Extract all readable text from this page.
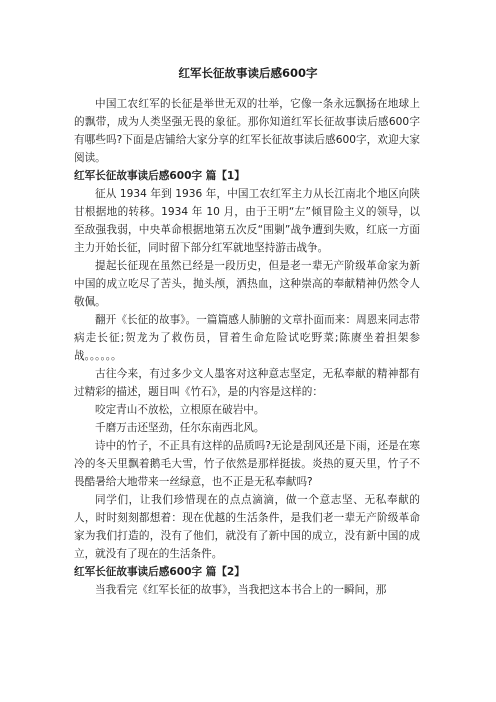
红军长征故事读后感600字

中国工农红军的长征是举世无双的壮举，它像一条永远飘扬在地球上的飘带，成为人类坚强无畏的象征。那你知道红军长征故事读后感600字有哪些吗?下面是店铺给大家分享的红军长征故事读后感600字，欢迎大家阅读。

红军长征故事读后感600字 篇【1】

征从 1934 年到 1936 年，中国工农红军主力从长江南北个地区向陕甘根据地的转移。1934 年 10 月，由于王明“左”倾冒险主义的领导，以至敌强我弱，中央革命根据地第五次反“围剿”战争遭到失败，红底一方面主力开始长征，同时留下部分红军就地坚持游击战争。

提起长征现在虽然已经是一段历史，但是老一辈无产阶级革命家为新中国的成立吃尽了苦头，抛头颅，洒热血，这种崇高的奉献精神仍然令人敬佩。

翻开《长征的故事》。一篇篇感人肺腑的文章扑面而来：周恩来同志带病走长征;贺龙为了救伤员，冒着生命危险试吃野菜;陈赓坐着担架参战。。。。。。

古往今来，有过多少文人墨客对这种意志坚定，无私奉献的精神都有过精彩的描述，题目叫《竹石》，是的内容是这样的：

咬定青山不放松，立根原在破岩中。

千磨万击还坚劲，任尔东南西北风。

诗中的竹子，不正具有这样的品质吗?无论是刮风还是下雨，还是在寒冷的冬天里飘着鹅毛大雪，竹子依然是那样挺拔。炎热的夏天里，竹子不畏酷暑给大地带来一丝绿意，也不正是无私奉献吗?

同学们，让我们珍惜现在的点点滴滴，做一个意志坚、无私奉献的人，时时刻刻都想着：现在优越的生活条件，是我们老一辈无产阶级革命家为我们打造的，没有了他们，就没有了新中国的成立，没有新中国的成立，就没有了现在的生活条件。

红军长征故事读后感600字 篇【2】

当我看完《红军长征的故事》，当我把这本书合上的一瞬间，那
